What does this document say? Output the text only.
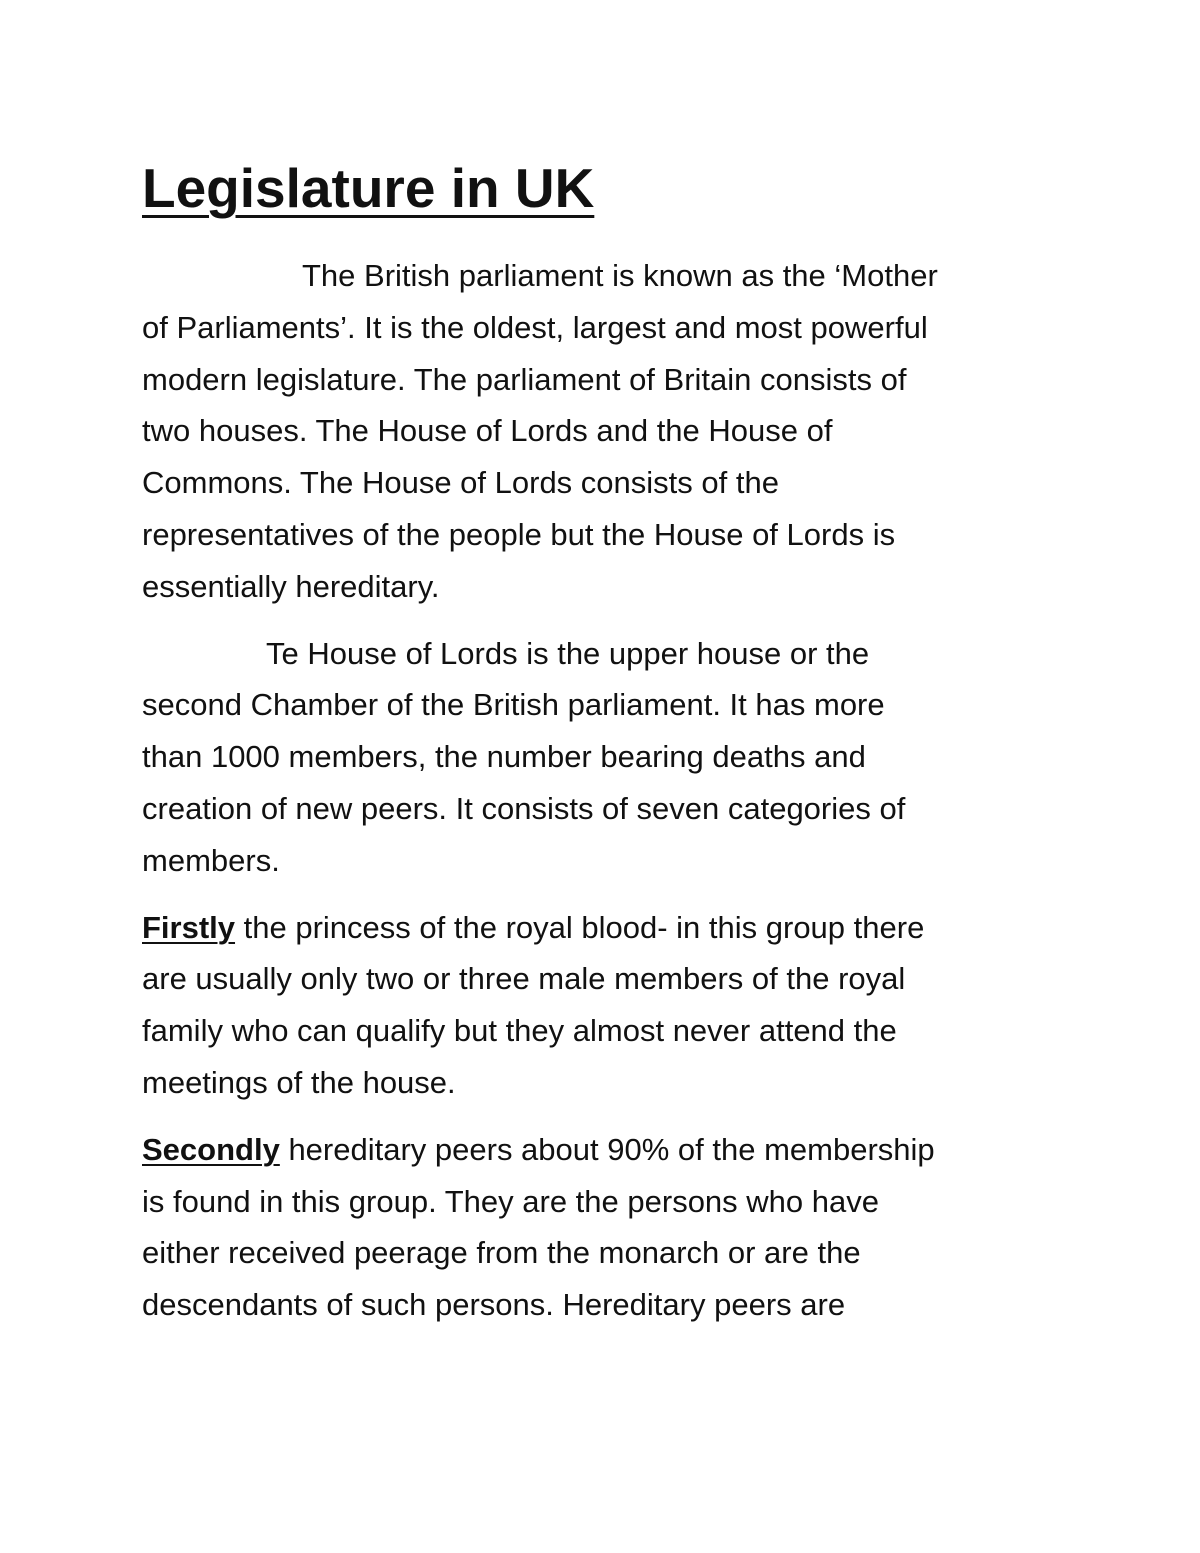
Legislature in UK

The British parliament is known as the ‘Mother
of Parliaments’. It is the oldest, largest and most powerful
modern legislature. The parliament of Britain consists of
two houses. The House of Lords and the House of
Commons. The House of Lords consists of the
representatives of the people but the House of Lords is
essentially hereditary.

Te House of Lords is the upper house or the
second Chamber of the British parliament. It has more
than 1000 members, the number bearing deaths and
creation of new peers. It consists of seven categories of
members.

Firstly the princess of the royal blood- in this group there
are usually only two or three male members of the royal
family who can qualify but they almost never attend the
meetings of the house.

Secondly hereditary peers about 90% of the membership
is found in this group. They are the persons who have
either received peerage from the monarch or are the
descendants of such persons. Hereditary peers are
